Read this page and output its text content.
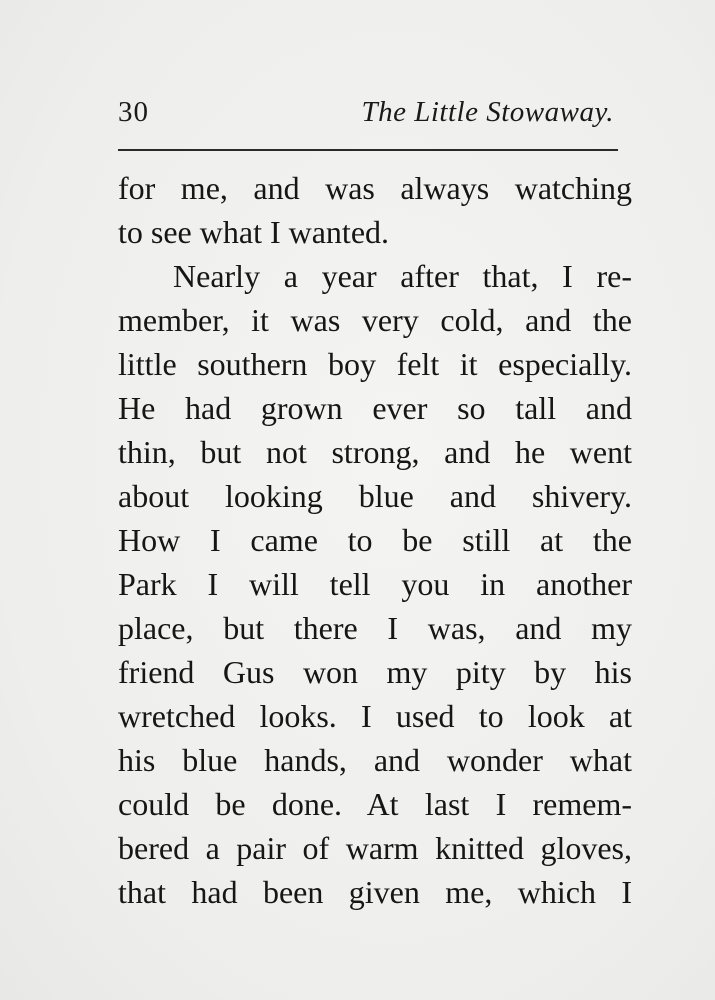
30	The Little Stowaway.
for me, and was always watching
to see what I wanted.
Nearly a year after that, I re-
member, it was very cold, and the
little southern boy felt it especially.
He had grown ever so tall and
thin, but not strong, and he went
about looking blue and shivery.
How I came to be still at the
Park I will tell you in another
place, but there I was, and my
friend Gus won my pity by his
wretched looks. I used to look at
his blue hands, and wonder what
could be done. At last I remem-
bered a pair of warm knitted gloves,
that had been given me, which I
